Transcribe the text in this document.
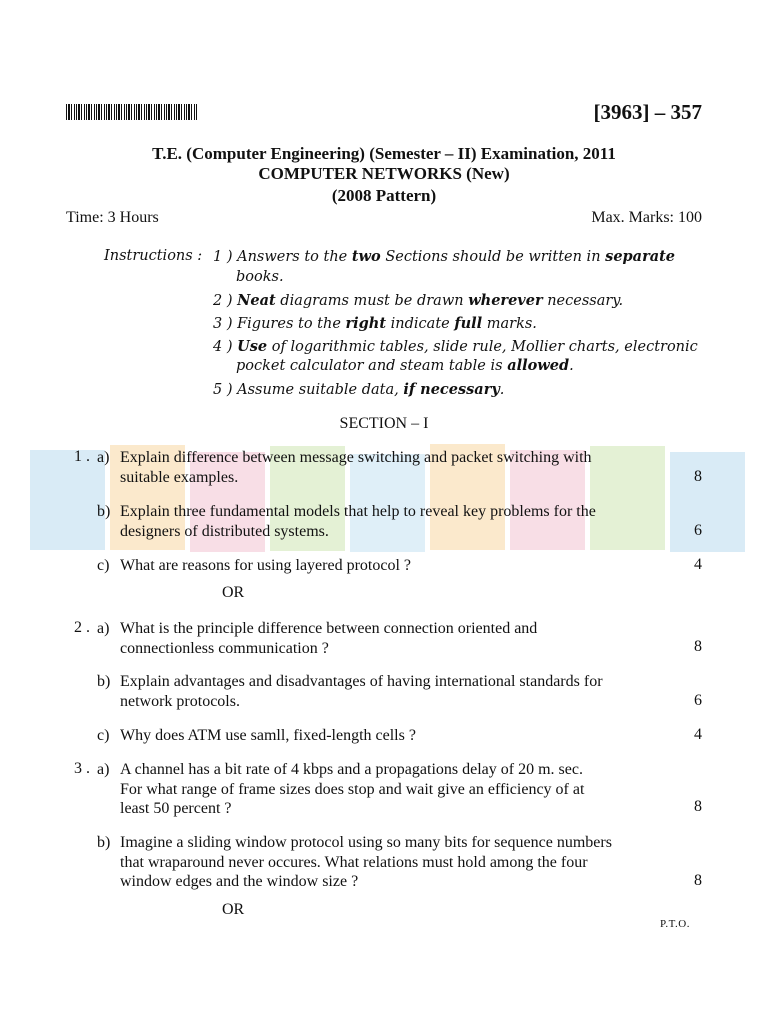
[3963] – 357
T.E. (Computer Engineering) (Semester – II) Examination, 2011
COMPUTER NETWORKS (New)
(2008 Pattern)
Time: 3 Hours	Max. Marks: 100
Instructions : 1 ) Answers to the two Sections should be written in separate
books.
2 ) Neat diagrams must be drawn wherever necessary.
3 ) Figures to the right indicate full marks.
4 ) Use of logarithmic tables, slide rule, Mollier charts, electronic
pocket calculator and steam table is allowed.
5 ) Assume suitable data, if necessary.
SECTION – I
1 . a) Explain difference between message switching and packet switching with
suitable examples.	8
b) Explain three fundamental models that help to reveal key problems for the
designers of distributed systems.	6
c) What are reasons for using layered protocol ?	4
OR
2 . a) What is the principle difference between connection oriented and
connectionless communication ?	8
b) Explain advantages and disadvantages of having international standards for
network protocols.	6
c) Why does ATM use samll, fixed-length cells ?	4
3 . a) A channel has a bit rate of 4 kbps and a propagations delay of 20 m. sec.
For what range of frame sizes does stop and wait give an efficiency of at
least 50 percent ?	8
b) Imagine a sliding window protocol using so many bits for sequence numbers
that wraparound never occures. What relations must hold among the four
window edges and the window size ?	8
OR
P.T.O.
